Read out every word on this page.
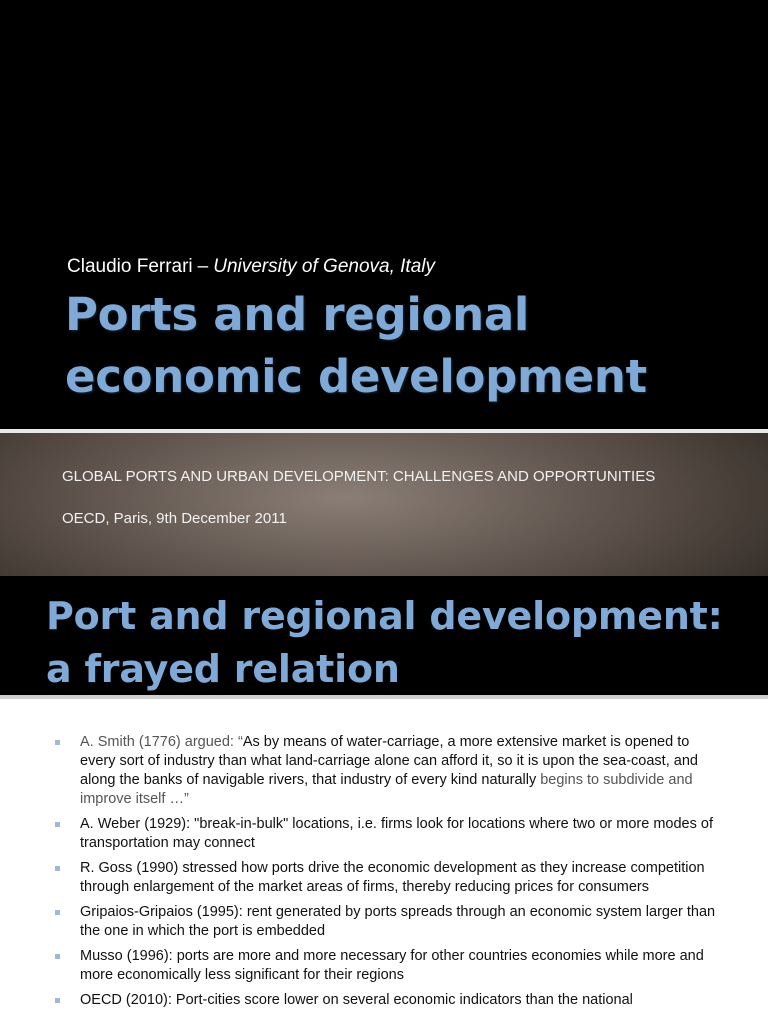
Claudio Ferrari – University of Genova, Italy
Ports and regional
economic development
GLOBAL PORTS AND URBAN DEVELOPMENT: CHALLENGES AND OPPORTUNITIES
OECD, Paris, 9th December 2011
Port and regional development:
a frayed relation
A. Smith (1776) argued: “As by means of water-carriage, a more extensive market is opened to every sort of industry than what land-carriage alone can afford it, so it is upon the sea-coast, and along the banks of navigable rivers, that industry of every kind naturally begins to subdivide and improve itself …”
A. Weber (1929): "break-in-bulk" locations, i.e. firms look for locations where two or more modes of transportation may connect
R. Goss (1990) stressed how ports drive the economic development as they increase competition through enlargement of the market areas of firms, thereby reducing prices for consumers
Gripaios-Gripaios (1995): rent generated by ports spreads through an economic system larger than the one in which the port is embedded
Musso (1996): ports are more and more necessary for other countries economies while more and more economically less significant for their regions
OECD (2010): Port-cities score lower on several economic indicators than the national
